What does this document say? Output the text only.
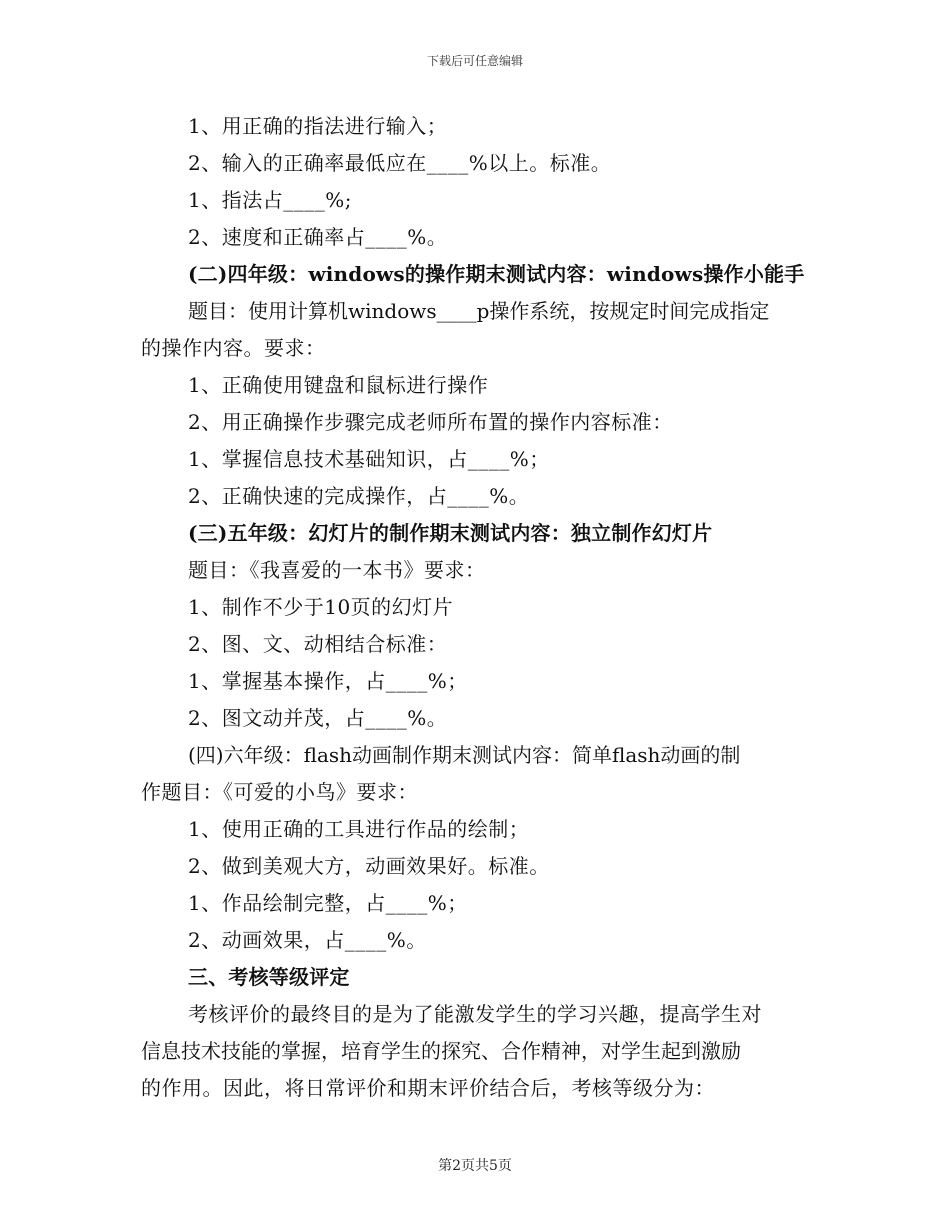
下载后可任意编辑
1、用正确的指法进行输入；
2、输入的正确率最低应在____%以上。标准。
1、指法占____%;
2、速度和正确率占____%。
(二)四年级：windows的操作期末测试内容：windows操作小能手
题目：使用计算机windows____p操作系统，按规定时间完成指定
的操作内容。要求：
1、正确使用键盘和鼠标进行操作
2、用正确操作步骤完成老师所布置的操作内容标准：
1、掌握信息技术基础知识，占____%；
2、正确快速的完成操作，占____%。
(三)五年级：幻灯片的制作期末测试内容：独立制作幻灯片
题目：《我喜爱的一本书》要求：
1、制作不少于10页的幻灯片
2、图、文、动相结合标准：
1、掌握基本操作，占____%；
2、图文动并茂，占____%。
(四)六年级：flash动画制作期末测试内容：简单flash动画的制
作题目：《可爱的小鸟》要求：
1、使用正确的工具进行作品的绘制；
2、做到美观大方，动画效果好。标准。
1、作品绘制完整，占____%；
2、动画效果，占____%。
三、考核等级评定
考核评价的最终目的是为了能激发学生的学习兴趣，提高学生对
信息技术技能的掌握，培育学生的探究、合作精神，对学生起到激励
的作用。因此，将日常评价和期末评价结合后，考核等级分为：
第2页共5页
